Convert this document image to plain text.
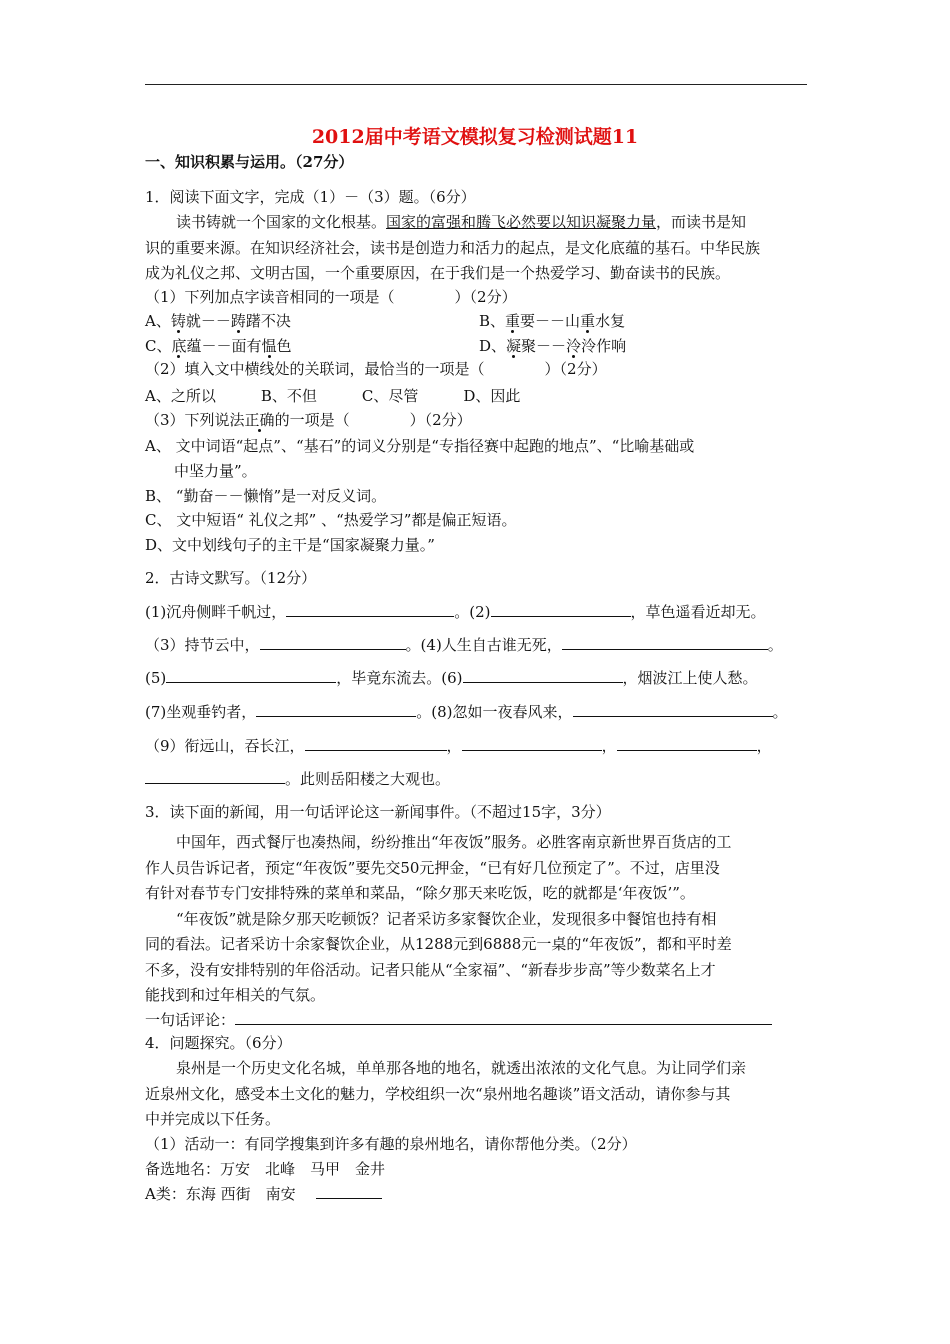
2012届中考语文模拟复习检测试题11
一、知识积累与运用。（27分）
1．阅读下面文字，完成（1）－（3）题。（6分）
读书铸就一个国家的文化根基。国家的富强和腾飞必然要以知识凝聚力量，而读书是知
识的重要来源。在知识经济社会，读书是创造力和活力的起点，是文化底蕴的基石。中华民族
成为礼仪之邦、文明古国，一个重要原因，在于我们是一个热爱学习、勤奋读书的民族。
（1）下列加点字读音相同的一项是（　　　　）（2分）
A、铸就－－踌躇不决	B、重要－－山重水复
C、底蕴－－面有愠色	D、凝聚－－泠泠作响
（2）填入文中横线处的关联词，最恰当的一项是（　　　　）（2分）
A、之所以　　　B、不但　　　C、尽管　　　D、因此
（3）下列说法正确的一项是（　　　　）（2分）
A、 文中词语“起点”、“基石”的词义分别是“专指径赛中起跑的地点”、“比喻基础或
中坚力量”。
B、 “勤奋－－懒惰”是一对反义词。
C、 文中短语“ 礼仪之邦” 、“热爱学习”都是偏正短语。
D、文中划线句子的主干是“国家凝聚力量。”
2．古诗文默写。（12分）
(1)沉舟侧畔千帆过，	。(2)	，草色遥看近却无。
（3）持节云中，	。(4)人生自古谁无死，	。
(5)	，毕竟东流去。(6)	，烟波江上使人愁。
(7)坐观垂钓者，	。(8)忽如一夜春风来，	。
（9）衔远山，吞长江，	，	，	，
。此则岳阳楼之大观也。
3．读下面的新闻，用一句话评论这一新闻事件。（不超过15字，3分）
中国年，西式餐厅也凑热闹，纷纷推出“年夜饭”服务。必胜客南京新世界百货店的工
作人员告诉记者，预定“年夜饭”要先交50元押金，“已有好几位预定了”。不过，店里没
有针对春节专门安排特殊的菜单和菜品，“除夕那天来吃饭，吃的就都是‘年夜饭’”。
“年夜饭”就是除夕那天吃顿饭？记者采访多家餐饮企业，发现很多中餐馆也持有相
同的看法。记者采访十余家餐饮企业，从1288元到6888元一桌的“年夜饭”，都和平时差
不多，没有安排特别的年俗活动。记者只能从“全家福”、“新春步步高”等少数菜名上才
能找到和过年相关的气氛。
一句话评论：
4．问题探究。（6分）
泉州是一个历史文化名城，单单那各地的地名，就透出浓浓的文化气息。为让同学们亲
近泉州文化，感受本土文化的魅力，学校组织一次“泉州地名趣谈”语文活动，请你参与其
中并完成以下任务。
（1）活动一：有同学搜集到许多有趣的泉州地名，请你帮他分类。（2分）
备选地名：万安　北峰　马甲　金井
A类：东海 西街　南安
